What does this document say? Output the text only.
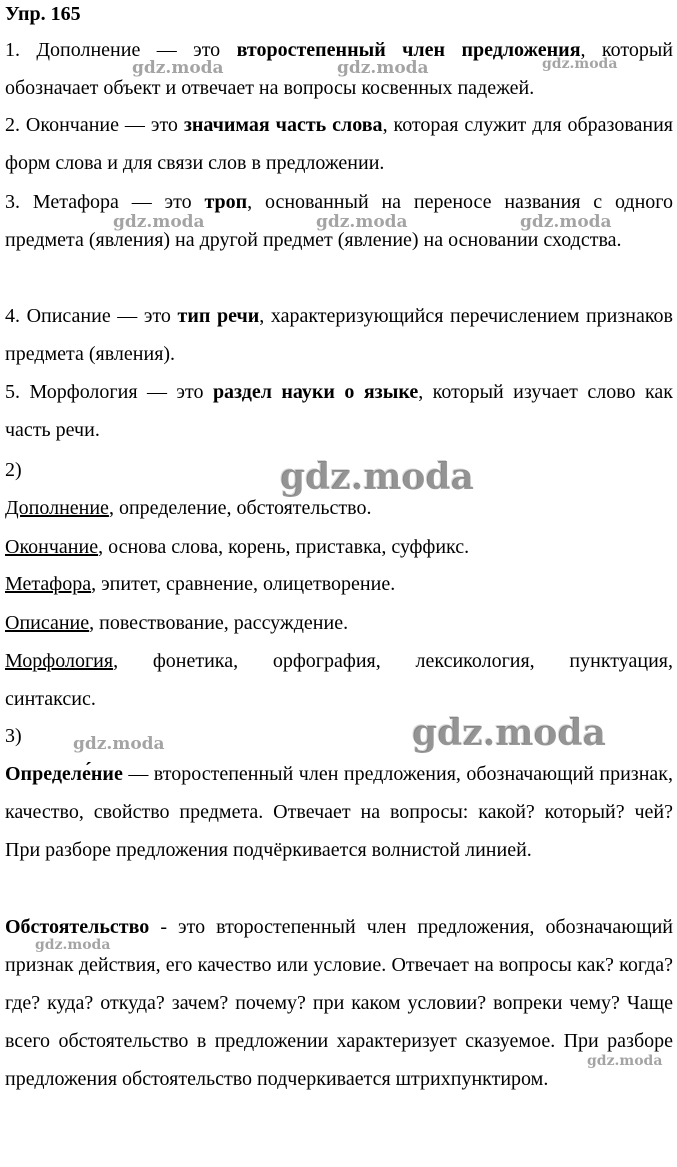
Упр. 165
1. Дополнение — это второстепенный член предложения, который обозначает объект и отвечает на вопросы косвенных падежей.
2. Окончание — это значимая часть слова, которая служит для образования форм слова и для связи слов в предложении.
3. Метафора — это троп, основанный на переносе названия с одного предмета (явления) на другой предмет (явление) на основании сходства.
4. Описание — это тип речи, характеризующийся перечислением признаков предмета (явления).
5. Морфология — это раздел науки о языке, который изучает слово как часть речи.
2)
Дополнение, определение, обстоятельство.
Окончание, основа слова, корень, приставка, суффикс.
Метафора, эпитет, сравнение, олицетворение.
Описание, повествование, рассуждение.
Морфология, фонетика, орфография, лексикология, пунктуация,
синтаксис.
3)
Определе́ние — второстепенный член предложения, обозначающий признак, качество, свойство предмета. Отвечает на вопросы: какой? который? чей? При разборе предложения подчёркивается волнистой линией.
Обстоятельство - это второстепенный член предложения, обозначающий признак действия, его качество или условие. Отвечает на вопросы как? когда? где? куда? откуда? зачем? почему? при каком условии? вопреки чему? Чаще всего обстоятельство в предложении характеризует сказуемое. При разборе предложения обстоятельство подчеркивается штрихпунктиром.
gdz.moda	gdz.moda	gdz.moda
gdz.moda	gdz.moda	gdz.moda
gdz.moda
gdz.moda	gdz.moda
gdz.moda
gdz.moda
